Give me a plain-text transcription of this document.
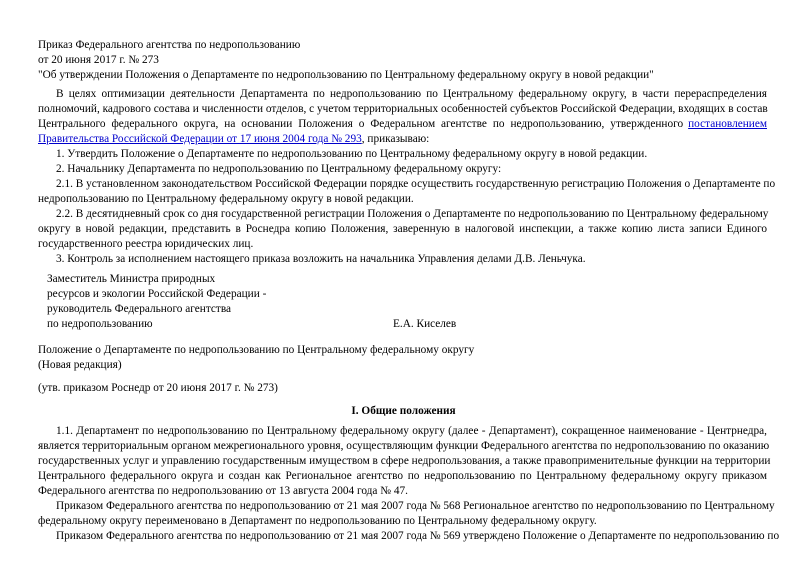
Приказ Федерального агентства по недропользованию
от 20 июня 2017 г. № 273
"Об утверждении Положения о Департаменте по недропользованию по Центральному федеральному округу в новой редакции"
В целях оптимизации деятельности Департамента по недропользованию по Центральному федеральному округу, в части перераспределения
полномочий, кадрового состава и численности отделов, с учетом территориальных особенностей субъектов Российской Федерации, входящих в состав
Центрального федерального округа, на основании Положения о Федеральном агентстве по недропользованию, утвержденного постановлением
Правительства Российской Федерации от 17 июня 2004 года № 293, приказываю:
1. Утвердить Положение о Департаменте по недропользованию по Центральному федеральному округу в новой редакции.
2. Начальнику Департамента по недропользованию по Центральному федеральному округу:
2.1. В установленном законодательством Российской Федерации порядке осуществить государственную регистрацию Положения о Департаменте по
недропользованию по Центральному федеральному округу в новой редакции.
2.2. В десятидневный срок со дня государственной регистрации Положения о Департаменте по недропользованию по Центральному федеральному
округу в новой редакции, представить в Роснедра копию Положения, заверенную в налоговой инспекции, а также копию листа записи Единого
государственного реестра юридических лиц.
3. Контроль за исполнением настоящего приказа возложить на начальника Управления делами Д.В. Леньчука.
Заместитель Министра природных
ресурсов и экологии Российской Федерации -
руководитель Федерального агентства
по недропользованию	Е.А. Киселев
Положение о Департаменте по недропользованию по Центральному федеральному округу
(Новая редакция)
(утв. приказом Роснедр от 20 июня 2017 г. № 273)
I. Общие положения
1.1. Департамент по недропользованию по Центральному федеральному округу (далее - Департамент), сокращенное наименование - Центрнедра,
является территориальным органом межрегионального уровня, осуществляющим функции Федерального агентства по недропользованию по оказанию
государственных услуг и управлению государственным имуществом в сфере недропользования, а также правоприменительные функции на территории
Центрального федерального округа и создан как Региональное агентство по недропользованию по Центральному федеральному округу приказом
Федерального агентства по недропользованию от 13 августа 2004 года № 47.
Приказом Федерального агентства по недропользованию от 21 мая 2007 года № 568 Региональное агентство по недропользованию по Центральному
федеральному округу переименовано в Департамент по недропользованию по Центральному федеральному округу.
Приказом Федерального агентства по недропользованию от 21 мая 2007 года № 569 утверждено Положение о Департаменте по недропользованию по
